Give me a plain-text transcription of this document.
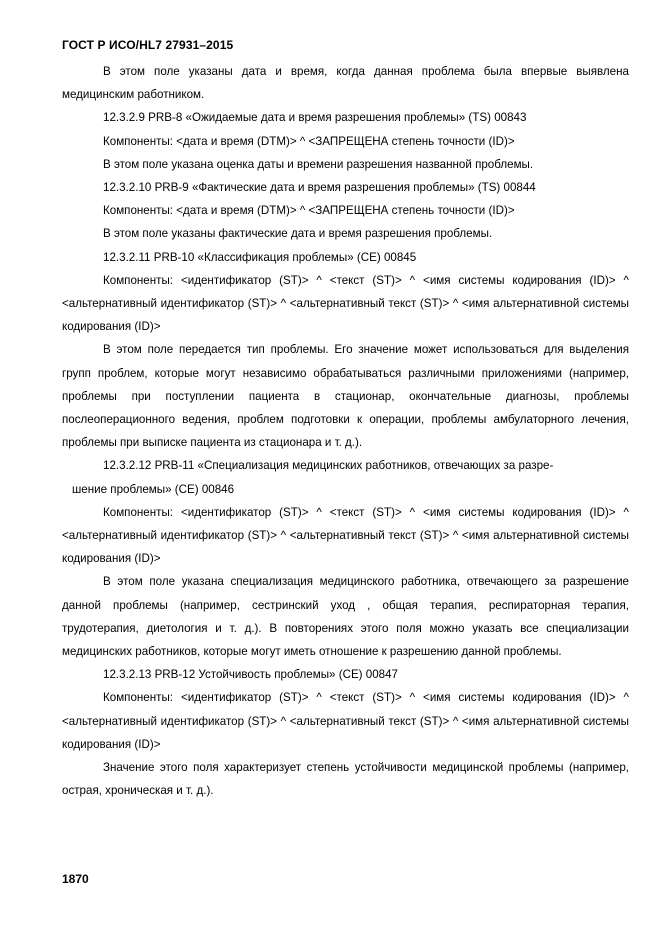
ГОСТ Р ИСО/HL7 27931–2015

В этом поле указаны дата и время, когда данная проблема была впервые выявлена медицинским работником.

12.3.2.9 PRB-8 «Ожидаемые дата и время разрешения проблемы» (TS) 00843

Компоненты: <дата и время (DTM)> ^ <ЗАПРЕЩЕНА степень точности (ID)>

В этом поле указана оценка даты и времени разрешения названной проблемы.

12.3.2.10 PRB-9 «Фактические дата и время разрешения проблемы» (TS) 00844

Компоненты: <дата и время (DTM)> ^ <ЗАПРЕЩЕНА степень точности (ID)>

В этом поле указаны фактические дата и время разрешения проблемы.

12.3.2.11 PRB-10 «Классификация проблемы» (CE) 00845

Компоненты: <идентификатор (ST)> ^ <текст (ST)> ^ <имя системы кодирования (ID)> ^ <альтернативный идентификатор (ST)> ^ <альтернативный текст (ST)> ^ <имя альтернативной системы кодирования (ID)>

В этом поле передается тип проблемы. Его значение может использоваться для выделения групп проблем, которые могут независимо обрабатываться различными приложениями (например, проблемы при поступлении пациента в стационар, окончательные диагнозы, проблемы послеоперационного ведения, проблем подготовки к операции, проблемы амбулаторного лечения, проблемы при выписке пациента из стационара и т. д.).

12.3.2.12 PRB-11 «Специализация медицинских работников, отвечающих за разре-

шение проблемы» (CE) 00846

Компоненты: <идентификатор (ST)> ^ <текст (ST)> ^ <имя системы кодирования (ID)> ^ <альтернативный идентификатор (ST)> ^ <альтернативный текст (ST)> ^ <имя альтернативной системы кодирования (ID)>

В этом поле указана специализация медицинского работника, отвечающего за разрешение данной проблемы (например, сестринский уход , общая терапия, респираторная терапия, трудотерапия, диетология и т. д.). В повторениях этого поля можно указать все специализации медицинских работников, которые могут иметь отношение к разрешению данной проблемы.

12.3.2.13 PRB-12 Устойчивость проблемы» (CE) 00847

Компоненты: <идентификатор (ST)> ^ <текст (ST)> ^ <имя системы кодирования (ID)> ^ <альтернативный идентификатор (ST)> ^ <альтернативный текст (ST)> ^ <имя альтернативной системы кодирования (ID)>

Значение этого поля характеризует степень устойчивости медицинской проблемы (например, острая, хроническая и т. д.).

1870
